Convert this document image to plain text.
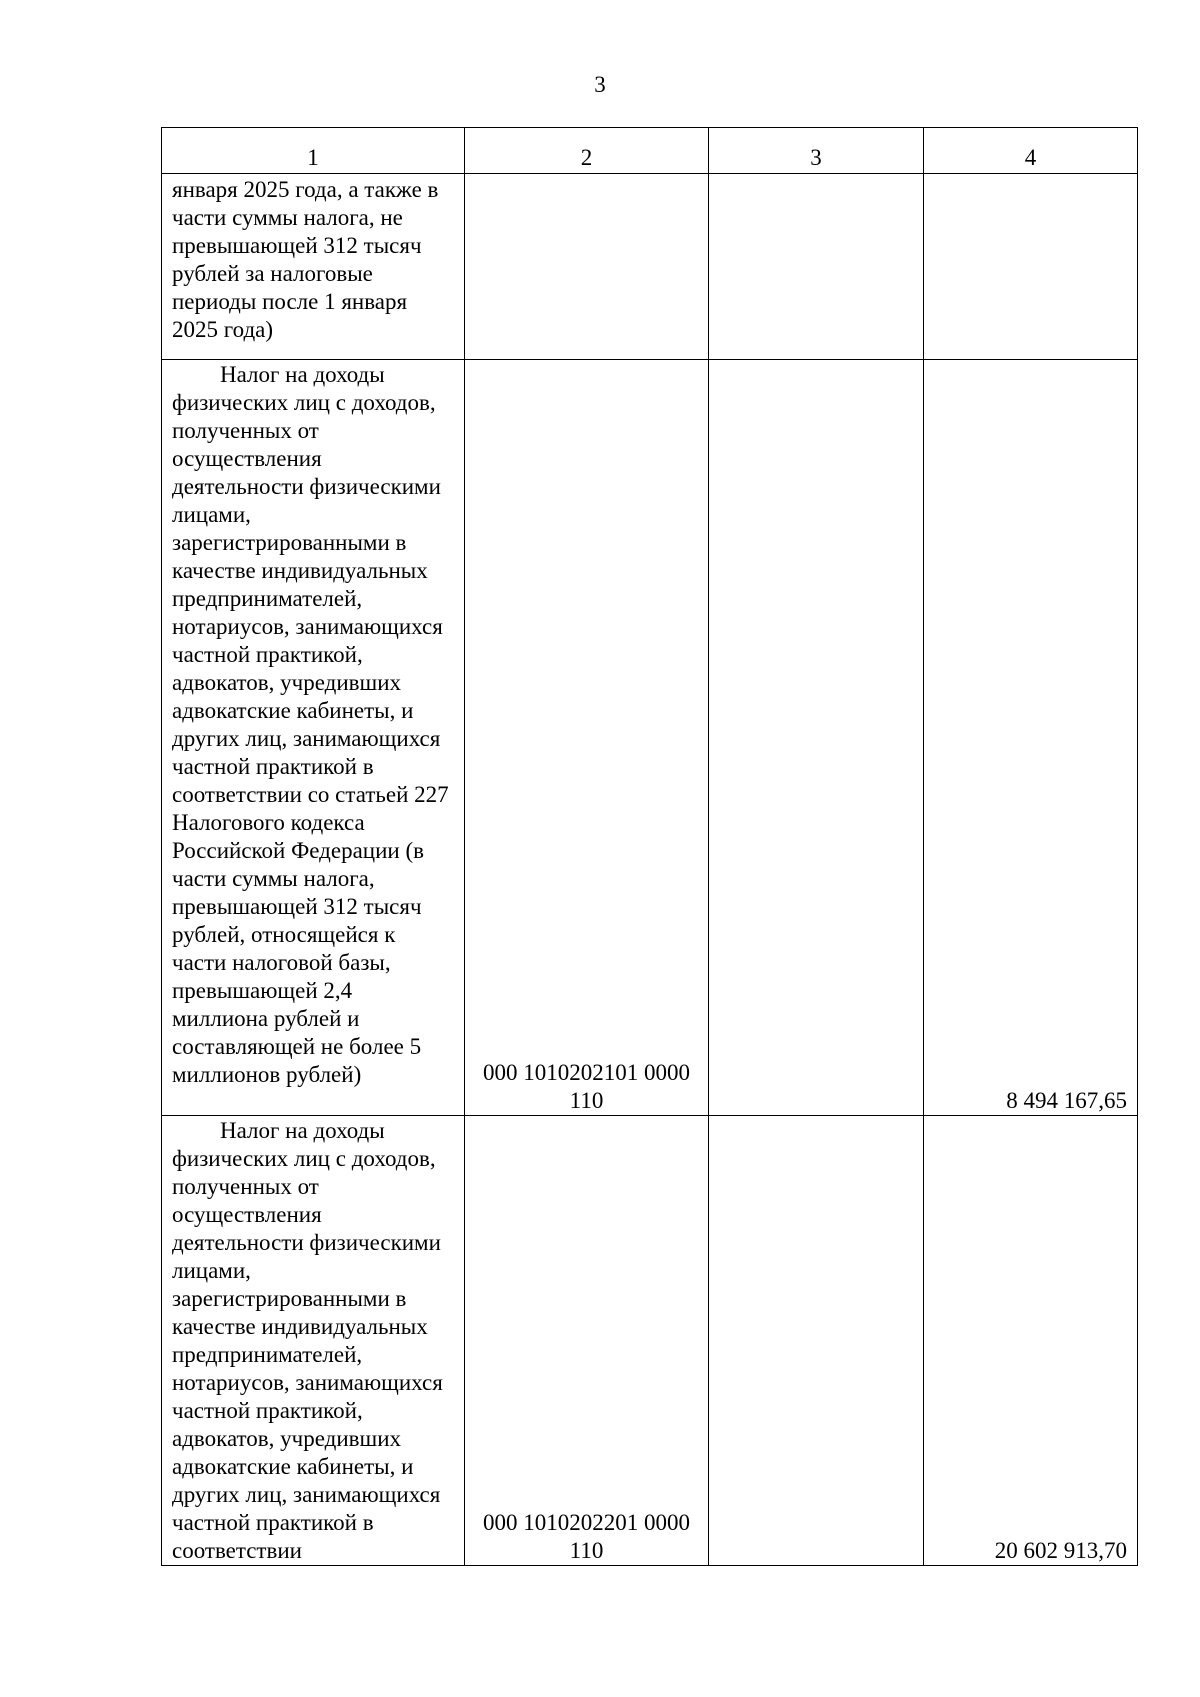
3
1	2	3	4

января 2025 года, а также в части суммы налога, не превышающей 312 тысяч рублей за налоговые периоды после 1 января 2025 года)			

Налог на доходы физических лиц с доходов, полученных от осуществления деятельности физическими лицами, зарегистрированными в качестве индивидуальных предпринимателей, нотариусов, занимающихся частной практикой, адвокатов, учредивших адвокатские кабинеты, и других лиц, занимающихся частной практикой в соответствии со статьей 227 Налогового кодекса Российской Федерации (в части суммы налога, превышающей 312 тысяч рублей, относящейся к части налоговой базы, превышающей 2,4 миллиона рублей и составляющей не более 5 миллионов рублей)	000 1010202101 0000 110		8 494 167,65

Налог на доходы физических лиц с доходов, полученных от осуществления деятельности физическими лицами, зарегистрированными в качестве индивидуальных предпринимателей, нотариусов, занимающихся частной практикой, адвокатов, учредивших адвокатские кабинеты, и других лиц, занимающихся частной практикой в соответствии	000 1010202201 0000 110		20 602 913,70
